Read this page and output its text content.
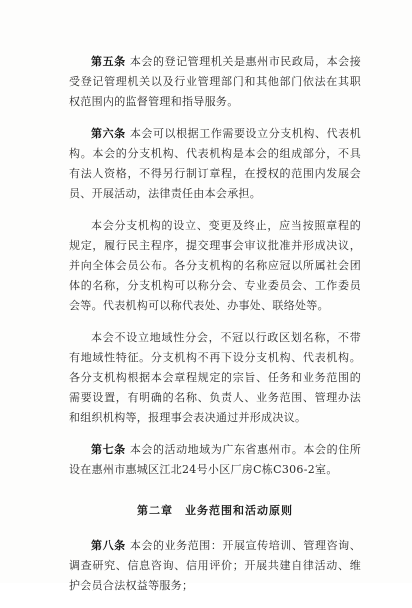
第五条 本会的登记管理机关是惠州市民政局，本会接受登记管理机关以及行业管理部门和其他部门依法在其职权范围内的监督管理和指导服务。

第六条 本会可以根据工作需要设立分支机构、代表机构。本会的分支机构、代表机构是本会的组成部分，不具有法人资格，不得另行制订章程，在授权的范围内发展会员、开展活动，法律责任由本会承担。

本会分支机构的设立、变更及终止，应当按照章程的规定，履行民主程序，提交理事会审议批准并形成决议，并向全体会员公布。各分支机构的名称应冠以所属社会团体的名称，分支机构可以称分会、专业委员会、工作委员会等。代表机构可以称代表处、办事处、联络处等。

本会不设立地域性分会，不冠以行政区划名称，不带有地域性特征。分支机构不再下设分支机构、代表机构。各分支机构根据本会章程规定的宗旨、任务和业务范围的需要设置，有明确的名称、负责人、业务范围、管理办法和组织机构等，报理事会表决通过并形成决议。

第七条 本会的活动地域为广东省惠州市。本会的住所设在惠州市惠城区江北24号小区厂房C栋C306-2室。

第二章　业务范围和活动原则

第八条 本会的业务范围：开展宣传培训、管理咨询、调查研究、信息咨询、信用评价；开展共建自律活动、维护会员合法权益等服务；
